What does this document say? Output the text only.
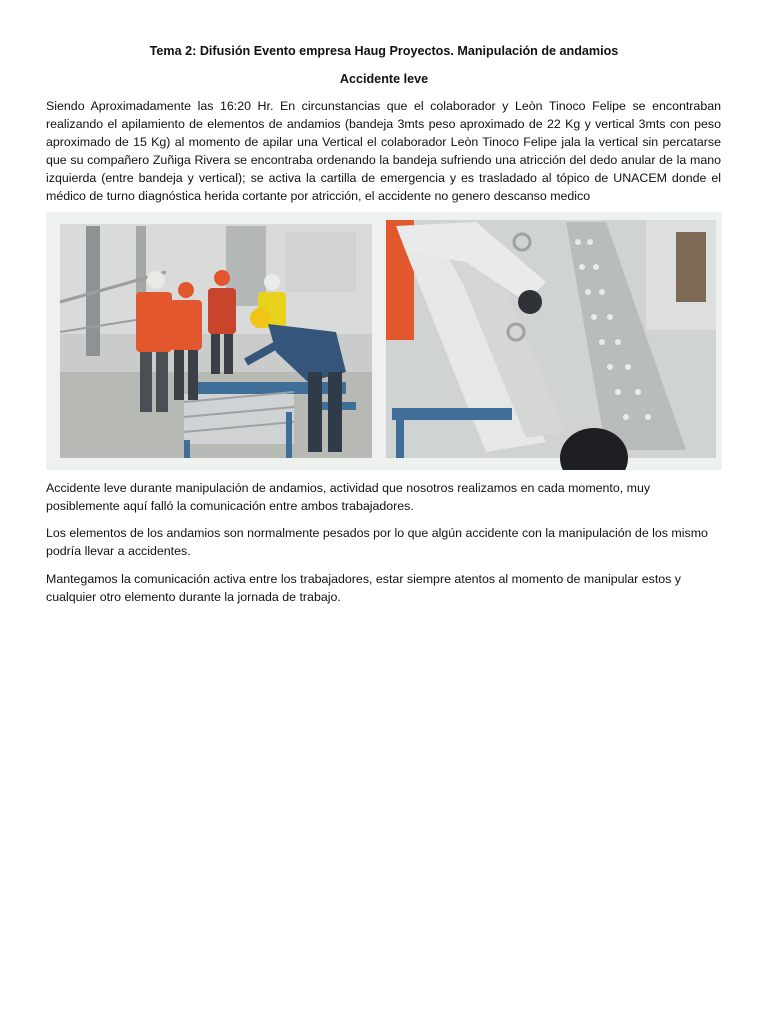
Tema 2: Difusión Evento empresa Haug Proyectos. Manipulación de andamios
Accidente leve

Siendo Aproximadamente las 16:20 Hr. En circunstancias que el colaborador y Leòn Tinoco Felipe se encontraban realizando el apilamiento de elementos de andamios (bandeja 3mts peso aproximado de 22 Kg y vertical 3mts con peso aproximado de 15 Kg) al momento de apilar una Vertical el colaborador Leòn Tinoco Felipe jala la vertical sin percatarse que su compañero Zuñiga Rivera se encontraba ordenando la bandeja sufriendo una atricción del dedo anular de la mano izquierda (entre bandeja y vertical); se activa la cartilla de emergencia y es trasladado al tópico de UNACEM donde el médico de turno diagnóstica herida cortante por atricción, el accidente no genero descanso medico

Accidente leve durante manipulación de andamios, actividad que nosotros realizamos en cada momento, muy posiblemente aquí falló la comunicación entre ambos trabajadores.

Los elementos de los andamios son normalmente pesados por lo que algún accidente con la manipulación de los mismo podría llevar a accidentes.

Mantegamos la comunicación activa entre los trabajadores, estar siempre atentos al momento de manipular estos y cualquier otro elemento durante la jornada de trabajo.
